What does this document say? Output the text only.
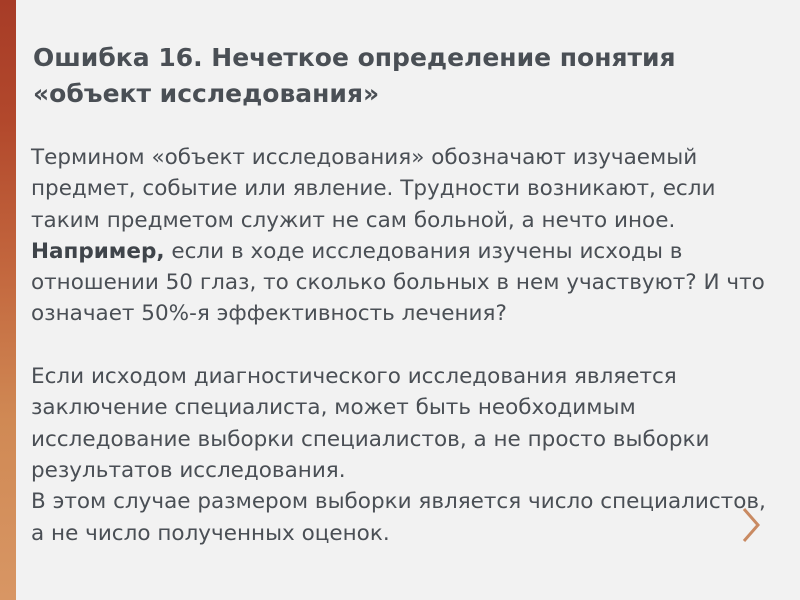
Ошибка 16. Нечеткое определение понятия «объект исследования»

Термином «объект исследования» обозначают изучаемый предмет, событие или явление. Трудности возникают, если таким предметом служит не сам больной, а нечто иное.

Например, если в ходе исследования изучены исходы в отношении 50 глаз, то сколько больных в нем участвуют? И что означает 50%-я эффективность лечения?

Если исходом диагностического исследования является заключение специалиста, может быть необходимым исследование выборки специалистов, а не просто выборки результатов исследования.

В этом случае размером выборки является число специалистов, а не число полученных оценок.
